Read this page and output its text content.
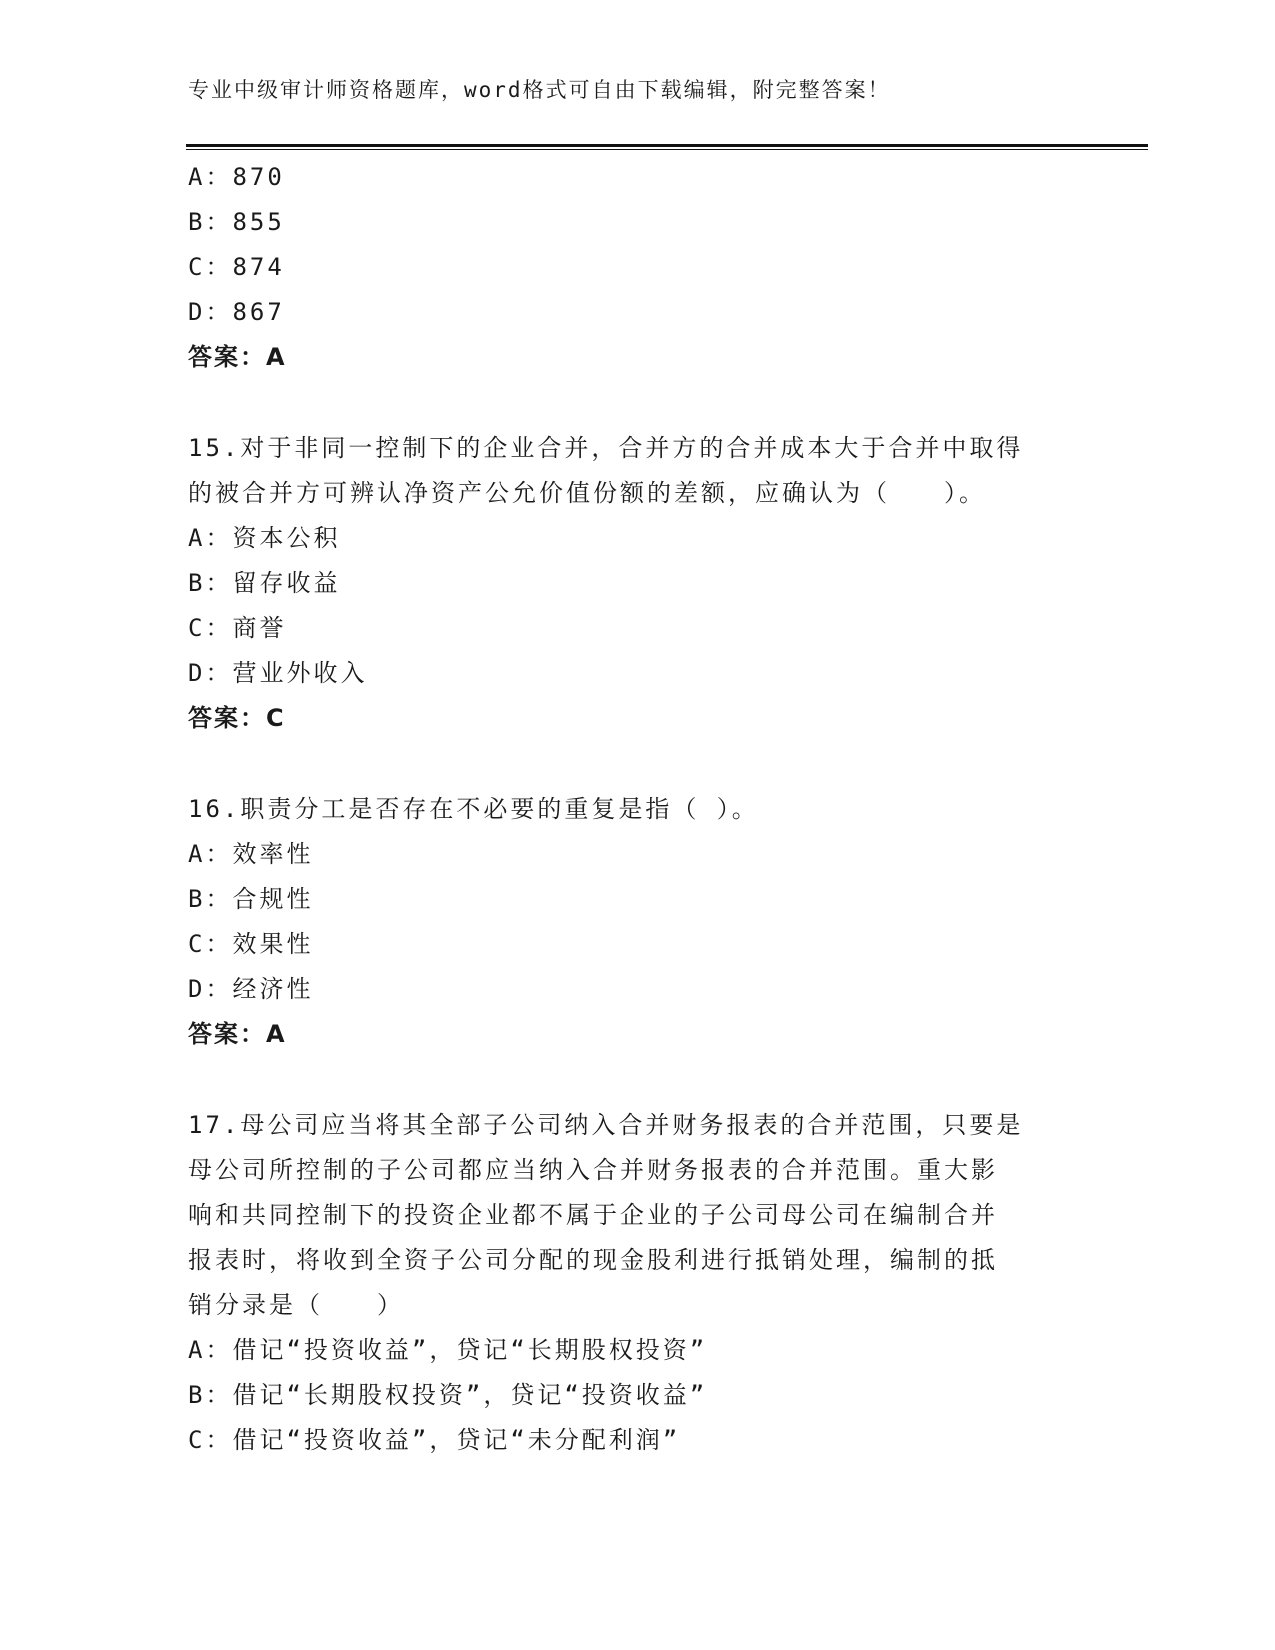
专业中级审计师资格题库，word格式可自由下载编辑，附完整答案！
A：870
B：855
C：874
D：867
答案：A
15.对于非同一控制下的企业合并，合并方的合并成本大于合并中取得
的被合并方可辨认净资产公允价值份额的差额，应确认为（　　）。
A：资本公积
B：留存收益
C：商誉
D：营业外收入
答案：C
16.职责分工是否存在不必要的重复是指（ ）。
A：效率性
B：合规性
C：效果性
D：经济性
答案：A
17.母公司应当将其全部子公司纳入合并财务报表的合并范围，只要是
母公司所控制的子公司都应当纳入合并财务报表的合并范围。重大影
响和共同控制下的投资企业都不属于企业的子公司母公司在编制合并
报表时，将收到全资子公司分配的现金股利进行抵销处理，编制的抵
销分录是（　　）
A：借记“投资收益”，贷记“长期股权投资”
B：借记“长期股权投资”，贷记“投资收益”
C：借记“投资收益”，贷记“未分配利润”
